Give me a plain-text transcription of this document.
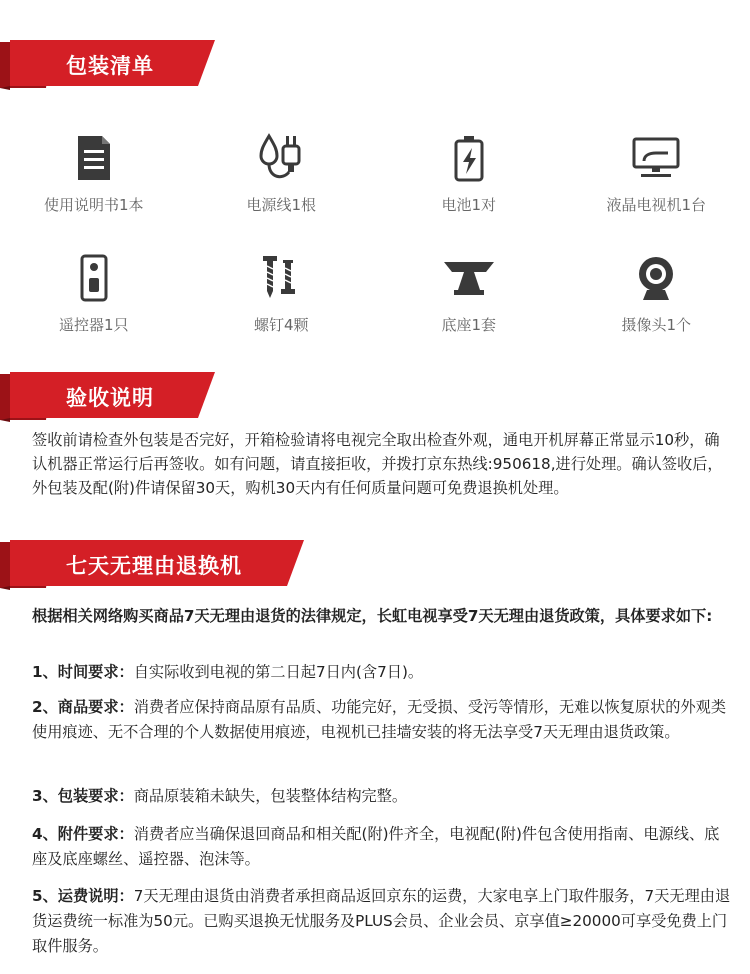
包装清单
使用说明书1本	电源线1根	电池1对	液晶电视机1台
遥控器1只	螺钉4颗	底座1套	摄像头1个
验收说明
签收前请检查外包装是否完好，开箱检验请将电视完全取出检查外观，通电开机屏幕正常显示10秒，确认机器正常运行后再签收。如有问题，请直接拒收，并拨打京东热线:950618,进行处理。确认签收后，外包装及配(附)件请保留30天，购机30天内有任何质量问题可免费退换机处理。
七天无理由退换机
根据相关网络购买商品7天无理由退货的法律规定，长虹电视享受7天无理由退货政策，具体要求如下:
1、时间要求：自实际收到电视的第二日起7日内(含7日)。
2、商品要求：消费者应保持商品原有品质、功能完好，无受损、受污等情形，无难以恢复原状的外观类使用痕迹、无不合理的个人数据使用痕迹，电视机已挂墙安装的将无法享受7天无理由退货政策。
3、包装要求：商品原装箱未缺失，包装整体结构完整。
4、附件要求：消费者应当确保退回商品和相关配(附)件齐全，电视配(附)件包含使用指南、电源线、底座及底座螺丝、遥控器、泡沫等。
5、运费说明：7天无理由退货由消费者承担商品返回京东的运费，大家电享上门取件服务，7天无理由退货运费统一标准为50元。已购买退换无忧服务及PLUS会员、企业会员、京享值≥20000可享受免费上门取件服务。
